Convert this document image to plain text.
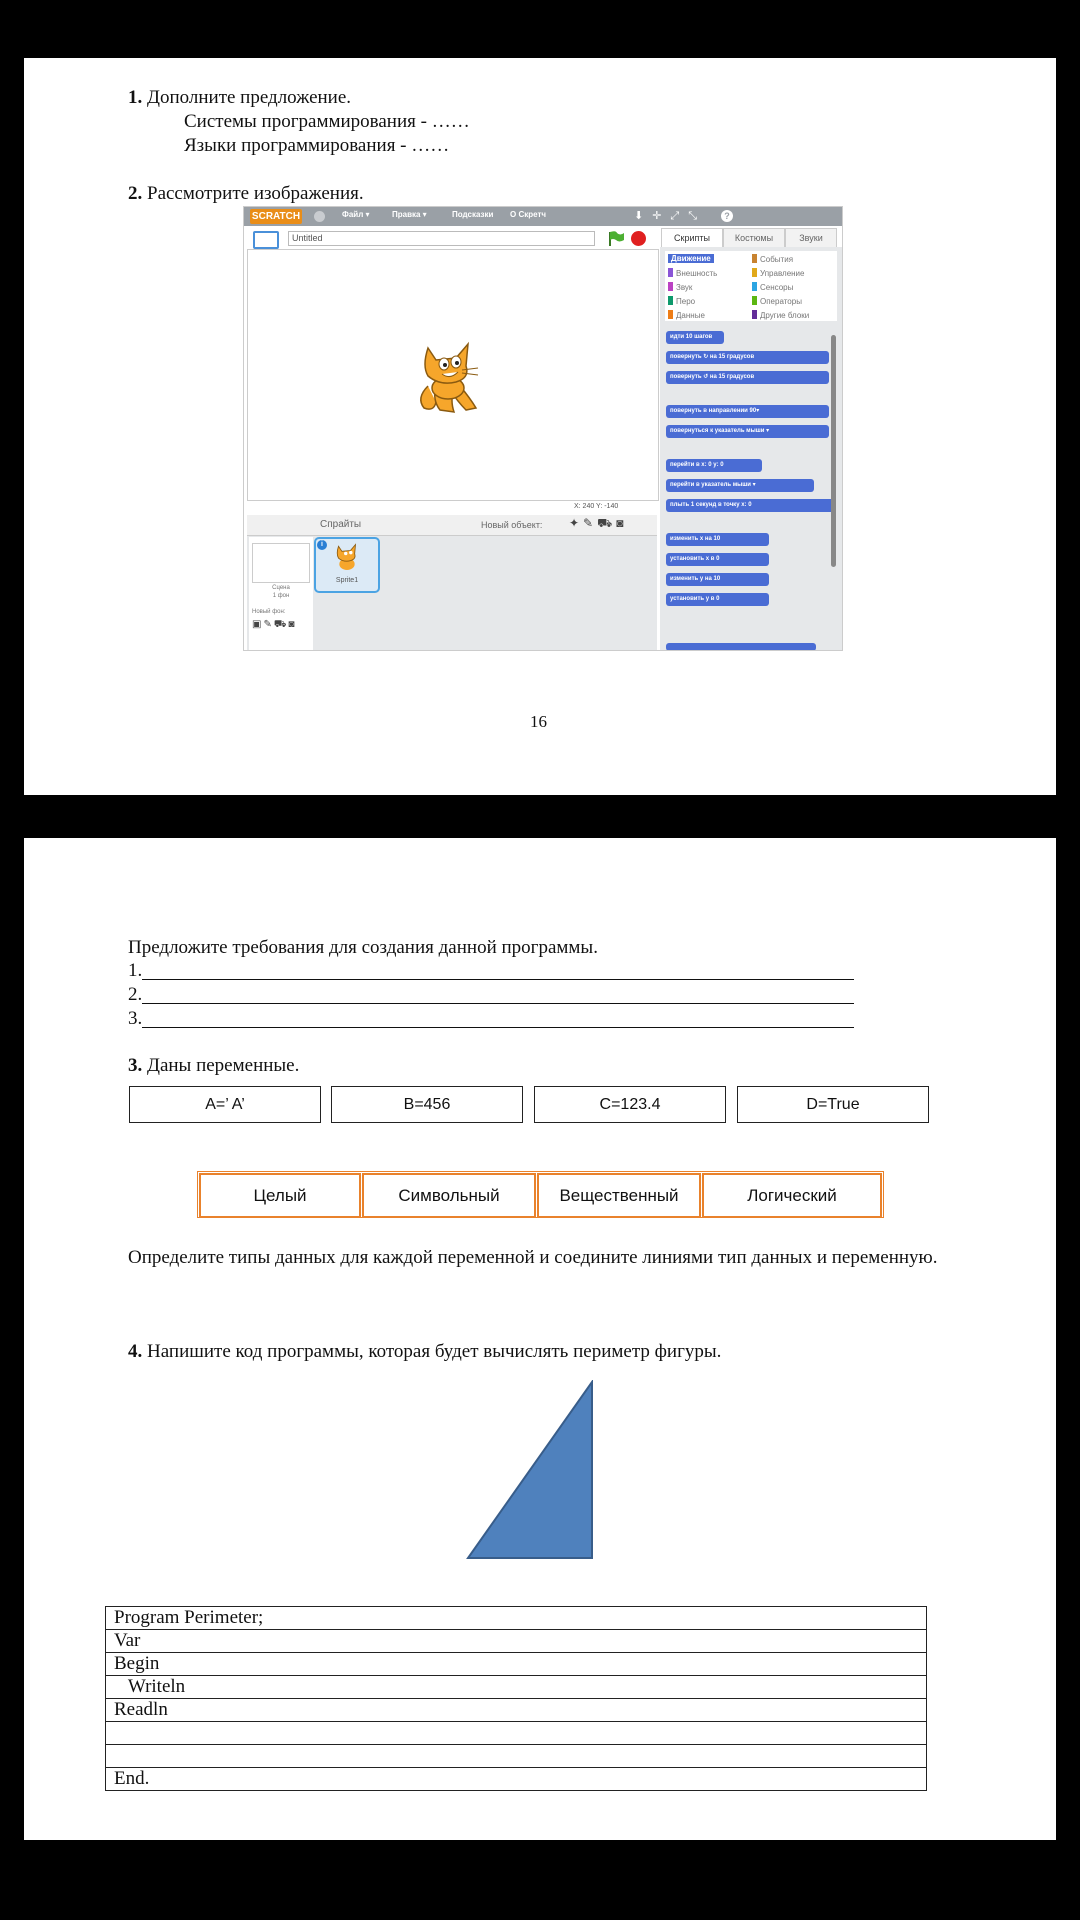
1. Дополните предложение.
Системы программирования - ……
Языки программирования - ……
2. Рассмотрите изображения.
SCRATCH	Файл ▾	Правка ▾	Подсказки О Скретч	⬇✛⤢⤡	?
Untitled
X: 240 Y: -140
Скрипты	Костюмы	Звуки
Движение
Внешность
Звук
Перо
Данные
События
Управление
Сенсоры
Операторы
Другие блоки
идти 10 шагов
повернуть ↻ на 15 градусов
повернуть ↺ на 15 градусов
повернуть в направлении 90▾
повернуться к указатель мыши ▾
перейти в x: 0 y: 0
перейти в указатель мыши ▾
плыть 1 секунд в точку x: 0
изменить x на 10
установить x в 0
изменить y на 10
установить y в 0
Спрайты	Новый объект: ✦✎⛟◙
Сцена
1 фон
Новый фон:
▣✎⛟◙
i
Sprite1
16
Предложите требования для создания данной программы.
1.
2.
3.
3. Даны переменные.
A=’ A’	B=456	C=123.4	D=True
Целый	Символьный	Вещественный	Логический
Определите типы данных для каждой переменной и соедините линиями тип данных и переменную.
4. Напишите код программы, которая будет вычислять периметр фигуры.
Program Perimeter;
Var
Begin
Writeln
Readln

End.
